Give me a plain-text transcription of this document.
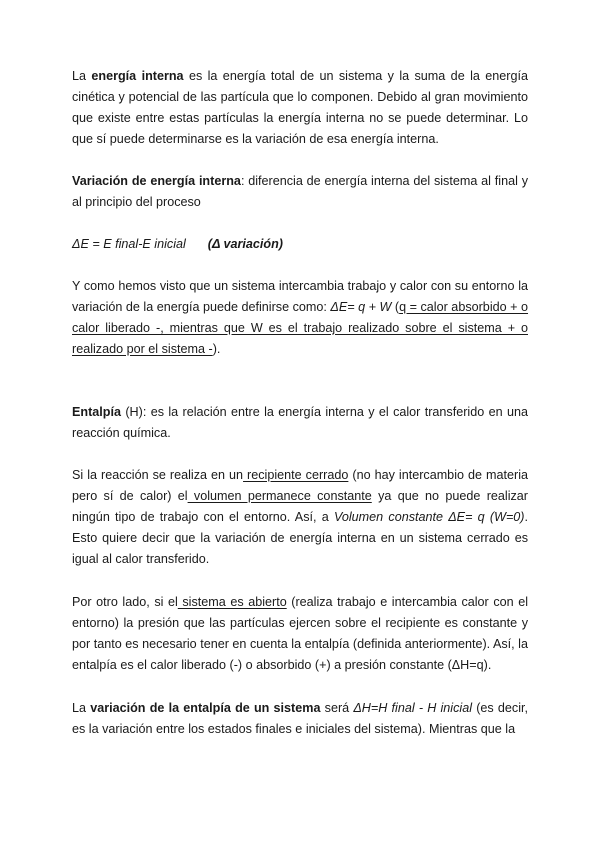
La energía interna es la energía total de un sistema y la suma de la energía cinética y potencial de las partícula que lo componen. Debido al gran movimiento que existe entre estas partículas la energía interna no se puede determinar. Lo que sí puede determinarse es la variación de esa energía interna.

Variación de energía interna: diferencia de energía interna del sistema al final y al principio del proceso

ΔE = E final-E inicial (Δ variación)

Y como hemos visto que un sistema intercambia trabajo y calor con su entorno la variación de la energía puede definirse como: ΔE= q + W (q = calor absorbido + o calor liberado -, mientras que W es el trabajo realizado sobre el sistema + o realizado por el sistema -).

Entalpía (H): es la relación entre la energía interna y el calor transferido en una reacción química.

Si la reacción se realiza en un recipiente cerrado (no hay intercambio de materia pero sí de calor) el volumen permanece constante ya que no puede realizar ningún tipo de trabajo con el entorno. Así, a Volumen constante ΔE= q (W=0). Esto quiere decir que la variación de energía interna en un sistema cerrado es igual al calor transferido.

Por otro lado, si el sistema es abierto (realiza trabajo e intercambia calor con el entorno) la presión que las partículas ejercen sobre el recipiente es constante y por tanto es necesario tener en cuenta la entalpía (definida anteriormente). Así, la entalpía es el calor liberado (-) o absorbido (+) a presión constante (ΔH=q).

La variación de la entalpía de un sistema será ΔH=H final - H inicial (es decir, es la variación entre los estados finales e iniciales del sistema). Mientras que la
